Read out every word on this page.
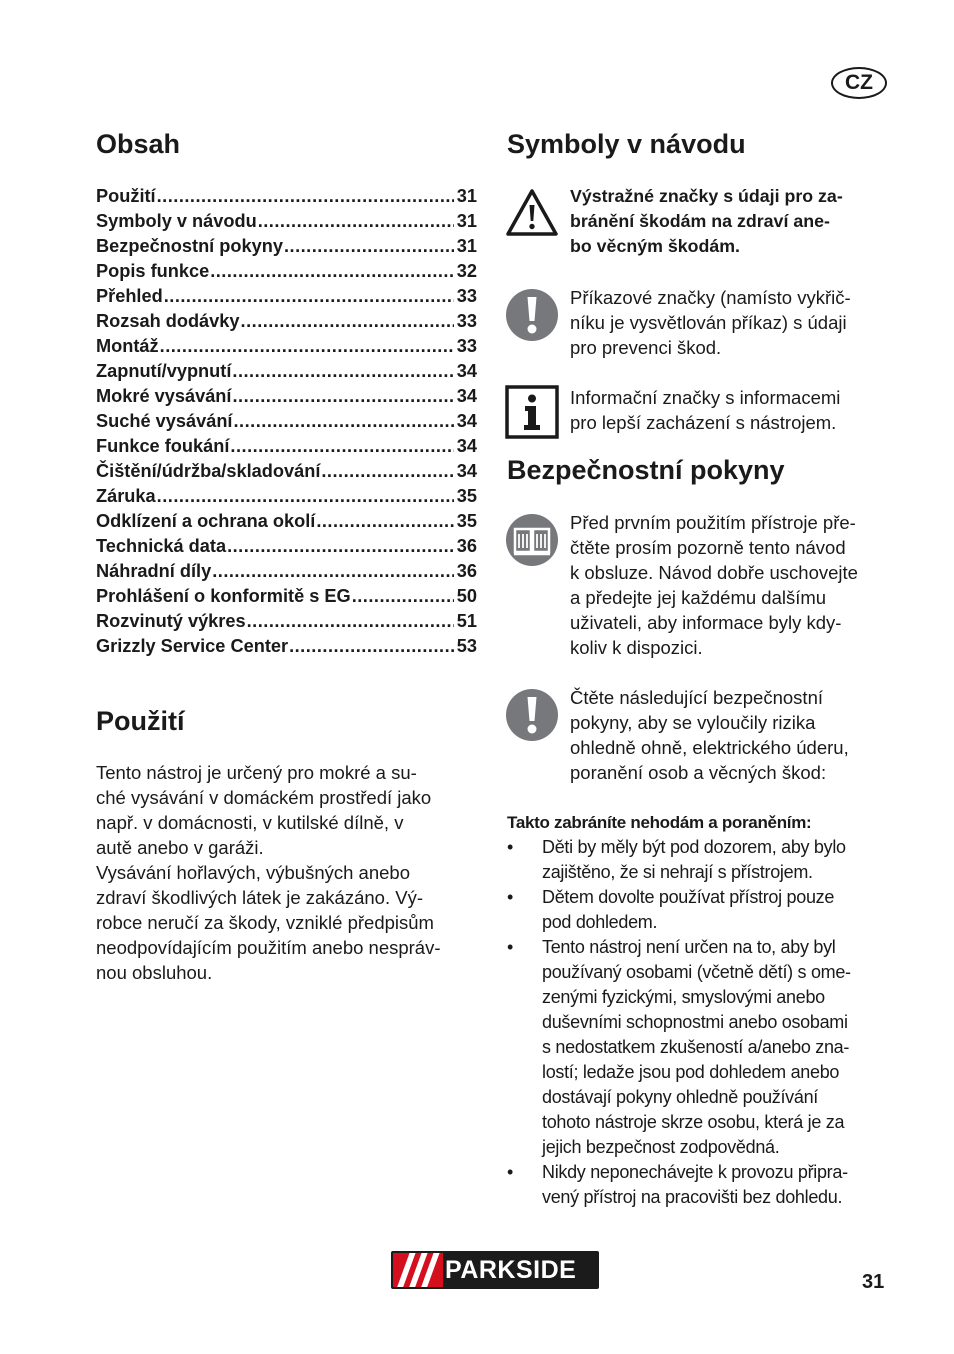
CZ
Obsah
Použití .....	31
Symboly v návodu .....	31
Bezpečnostní pokyny .....	31
Popis funkce .....	32
Přehled .....	33
Rozsah dodávky .....	33
Montáž .....	33
Zapnutí/vypnutí .....	34
Mokré vysávání .....	34
Suché vysávání .....	34
Funkce foukání .....	34
Čištění/údržba/skladování .....	34
Záruka .....	35
Odklízení a ochrana okolí .....	35
Technická data .....	36
Náhradní díly .....	36
Prohlášení o konformitě s EG .....	50
Rozvinutý výkres .....	51
Grizzly Service Center .....	53
Použití

Tento nástroj je určený pro mokré a su-
ché vysávání v domáckém prostředí jako
např. v domácnosti, v kutilské dílně, v
autě anebo v garáži.
Vysávání hořlavých, výbušných anebo
zdraví škodlivých látek je zakázáno. Vý-
robce neručí za škody, vzniklé předpisům
neodpovídajícím použitím anebo nespráv-
nou obsluhou.

Symboly v návodu

Výstražné značky s údaji pro za-
bránění škodám na zdraví ane-
bo věcným škodám.

Příkazové značky (namísto vykřič-
níku je vysvětlován příkaz) s údaji
pro prevenci škod.

Informační značky s informacemi
pro lepší zacházení s nástrojem.

Bezpečnostní pokyny

Před prvním použitím přístroje pře-
čtěte prosím pozorně tento návod
k obsluze. Návod dobře uschovejte
a předejte jej každému dalšímu
uživateli, aby informace byly kdy-
koliv k dispozici.

Čtěte následující bezpečnostní
pokyny, aby se vyloučily rizika
ohledně ohně, elektrického úderu,
poranění osob a věcných škod:

Takto zabráníte nehodám a poraněním:

• Děti by měly být pod dozorem, aby bylo
zajištěno, že si nehrají s přístrojem.
• Dětem dovolte používat přístroj pouze
pod dohledem.
• Tento nástroj není určen na to, aby byl
používaný osobami (včetně dětí) s ome-
zenými fyzickými, smyslovými anebo
duševními schopnostmi anebo osobami
s nedostatkem zkušeností a/anebo zna-
lostí; ledaže jsou pod dohledem anebo
dostávají pokyny ohledně používání
tohoto nástroje skrze osobu, která je za
jejich bezpečnost zodpovědná.
• Nikdy neponechávejte k provozu připra-
vený přístroj na pracovišti bez dohledu.
PARKSIDE	31
